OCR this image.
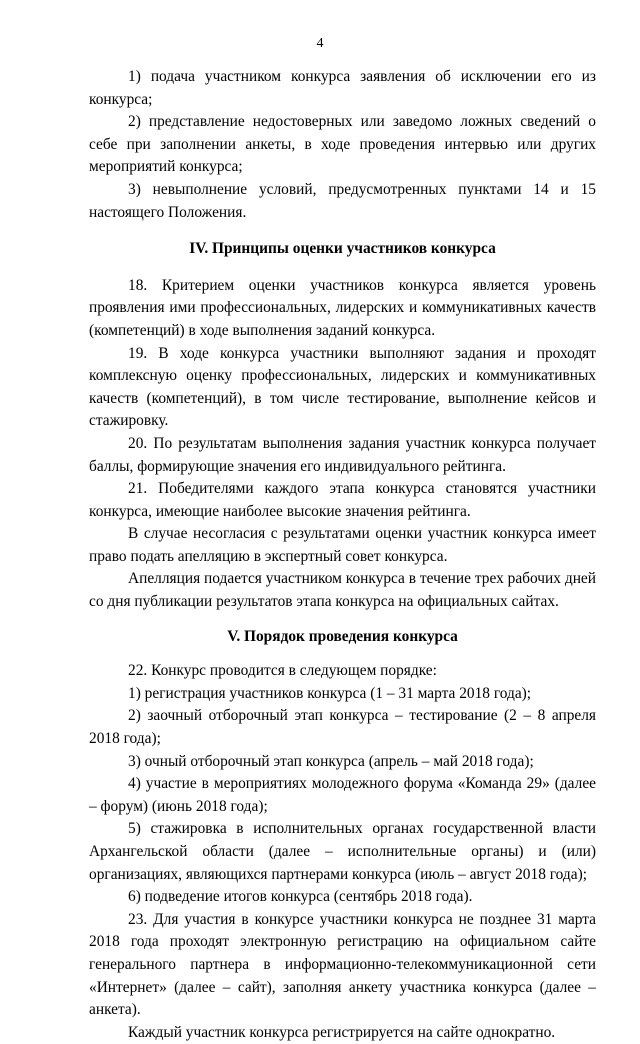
4

1) подача участником конкурса заявления об исключении его из конкурса;

2) представление недостоверных или заведомо ложных сведений о себе при заполнении анкеты, в ходе проведения интервью или других мероприятий конкурса;

3) невыполнение условий, предусмотренных пунктами 14 и 15 настоящего Положения.

IV. Принципы оценки участников конкурса

18. Критерием оценки участников конкурса является уровень проявления ими профессиональных, лидерских и коммуникативных качеств (компетенций) в ходе выполнения заданий конкурса.

19. В ходе конкурса участники выполняют задания и проходят комплексную оценку профессиональных, лидерских и коммуникативных качеств (компетенций), в том числе тестирование, выполнение кейсов и стажировку.

20. По результатам выполнения задания участник конкурса получает баллы, формирующие значения его индивидуального рейтинга.

21. Победителями каждого этапа конкурса становятся участники конкурса, имеющие наиболее высокие значения рейтинга.

В случае несогласия с результатами оценки участник конкурса имеет право подать апелляцию в экспертный совет конкурса.

Апелляция подается участником конкурса в течение трех рабочих дней со дня публикации результатов этапа конкурса на официальных сайтах.

V. Порядок проведения конкурса

22. Конкурс проводится в следующем порядке:

1) регистрация участников конкурса (1 – 31 марта 2018 года);

2) заочный отборочный этап конкурса – тестирование (2 – 8 апреля 2018 года);

3) очный отборочный этап конкурса (апрель – май 2018 года);

4) участие в мероприятиях молодежного форума «Команда 29» (далее – форум) (июнь 2018 года);

5) стажировка в исполнительных органах государственной власти Архангельской области (далее – исполнительные органы) и (или) организациях, являющихся партнерами конкурса (июль – август 2018 года);

6) подведение итогов конкурса (сентябрь 2018 года).

23. Для участия в конкурсе участники конкурса не позднее 31 марта 2018 года проходят электронную регистрацию на официальном сайте генерального партнера в информационно-телекоммуникационной сети «Интернет» (далее – сайт), заполняя анкету участника конкурса (далее – анкета).

Каждый участник конкурса регистрируется на сайте однократно.
